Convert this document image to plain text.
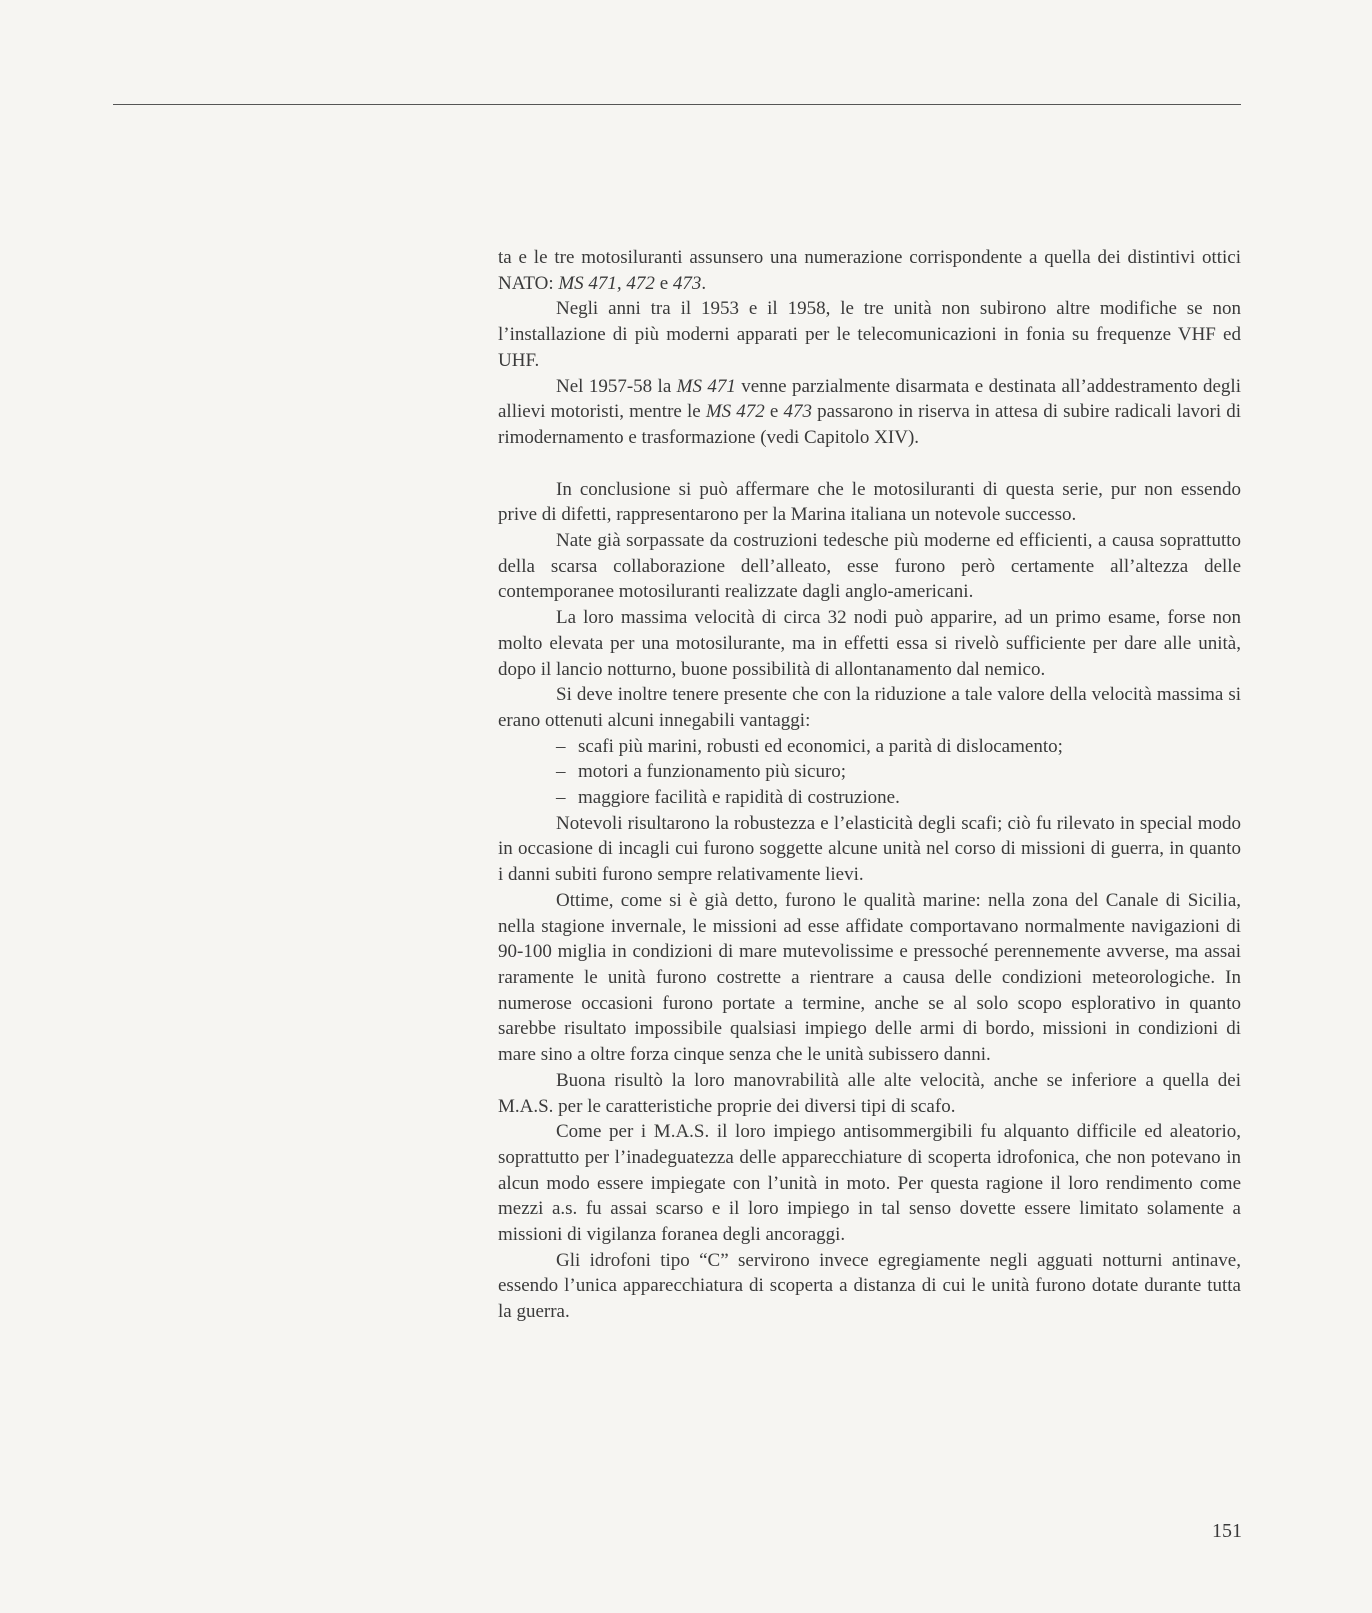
ta e le tre motosiluranti assunsero una numerazione corrispondente a quella dei distintivi ottici NATO: MS 471, 472 e 473.

Negli anni tra il 1953 e il 1958, le tre unità non subirono altre modifiche se non l’installazione di più moderni apparati per le telecomunicazioni in fonia su frequenze VHF ed UHF.

Nel 1957-58 la MS 471 venne parzialmente disarmata e destinata all’addestramento degli allievi motoristi, mentre le MS 472 e 473 passarono in riserva in attesa di subire radicali lavori di rimodernamento e trasformazione (vedi Capitolo XIV).

In conclusione si può affermare che le motosiluranti di questa serie, pur non essendo prive di difetti, rappresentarono per la Marina italiana un notevole successo.

Nate già sorpassate da costruzioni tedesche più moderne ed efficienti, a causa soprattutto della scarsa collaborazione dell’alleato, esse furono però certamente all’altezza delle contemporanee motosiluranti realizzate dagli anglo-americani.

La loro massima velocità di circa 32 nodi può apparire, ad un primo esame, forse non molto elevata per una motosilurante, ma in effetti essa si rivelò sufficiente per dare alle unità, dopo il lancio notturno, buone possibilità di allontanamento dal nemico.

Si deve inoltre tenere presente che con la riduzione a tale valore della velocità massima si erano ottenuti alcuni innegabili vantaggi:

– scafi più marini, robusti ed economici, a parità di dislocamento;
– motori a funzionamento più sicuro;
– maggiore facilità e rapidità di costruzione.

Notevoli risultarono la robustezza e l’elasticità degli scafi; ciò fu rilevato in special modo in occasione di incagli cui furono soggette alcune unità nel corso di missioni di guerra, in quanto i danni subiti furono sempre relativamente lievi.

Ottime, come si è già detto, furono le qualità marine: nella zona del Canale di Sicilia, nella stagione invernale, le missioni ad esse affidate comportavano normalmente navigazioni di 90-100 miglia in condizioni di mare mutevolissime e pressoché perennemente avverse, ma assai raramente le unità furono costrette a rientrare a causa delle condizioni meteorologiche. In numerose occasioni furono portate a termine, anche se al solo scopo esplorativo in quanto sarebbe risultato impossibile qualsiasi impiego delle armi di bordo, missioni in condizioni di mare sino a oltre forza cinque senza che le unità subissero danni.

Buona risultò la loro manovrabilità alle alte velocità, anche se inferiore a quella dei M.A.S. per le caratteristiche proprie dei diversi tipi di scafo.

Come per i M.A.S. il loro impiego antisommergibili fu alquanto difficile ed aleatorio, soprattutto per l’inadeguatezza delle apparecchiature di scoperta idrofonica, che non potevano in alcun modo essere impiegate con l’unità in moto. Per questa ragione il loro rendimento come mezzi a.s. fu assai scarso e il loro impiego in tal senso dovette essere limitato solamente a missioni di vigilanza foranea degli ancoraggi.

Gli idrofoni tipo “C” servirono invece egregiamente negli agguati notturni antinave, essendo l’unica apparecchiatura di scoperta a distanza di cui le unità furono dotate durante tutta la guerra.

151
